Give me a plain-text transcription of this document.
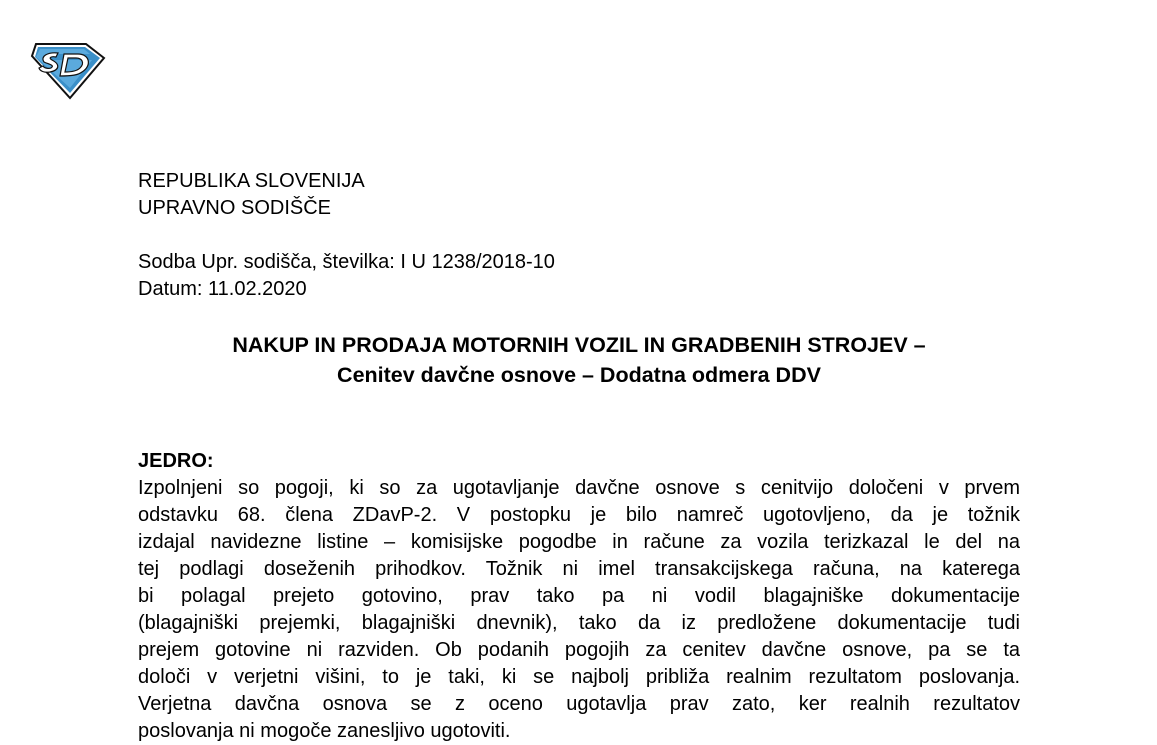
REPUBLIKA SLOVENIJA
UPRAVNO SODIŠČE
Sodba Upr. sodišča, številka: I U 1238/2018-10
Datum: 11.02.2020
NAKUP IN PRODAJA MOTORNIH VOZIL IN GRADBENIH STROJEV –
Cenitev davčne osnove – Dodatna odmera DDV
JEDRO:
Izpolnjeni so pogoji, ki so za ugotavljanje davčne osnove s cenitvijo določeni v prvem
odstavku 68. člena ZDavP-2. V postopku je bilo namreč ugotovljeno, da je tožnik
izdajal navidezne listine – komisijske pogodbe in račune za vozila terizkazal le del na
tej podlagi doseženih prihodkov. Tožnik ni imel transakcijskega računa, na katerega
bi polagal prejeto gotovino, prav tako pa ni vodil blagajniške dokumentacije
(blagajniški prejemki, blagajniški dnevnik), tako da iz predložene dokumentacije tudi
prejem gotovine ni razviden. Ob podanih pogojih za cenitev davčne osnove, pa se ta
določi v verjetni višini, to je taki, ki se najbolj približa realnim rezultatom poslovanja.
Verjetna davčna osnova se z oceno ugotavlja prav zato, ker realnih rezultatov
poslovanja ni mogoče zanesljivo ugotoviti.
